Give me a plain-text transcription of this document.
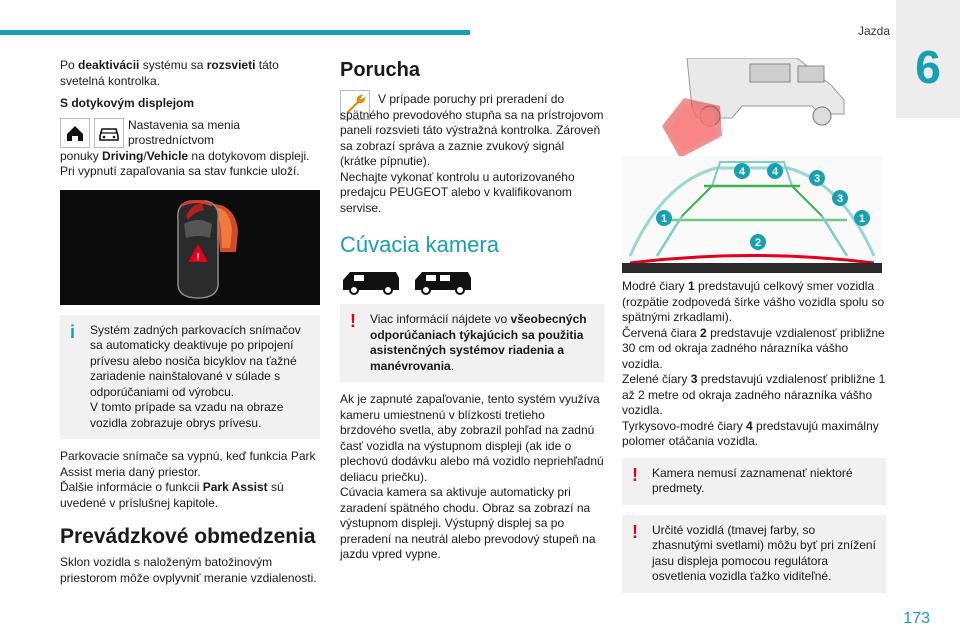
Jazda
6

Po deaktivácii systému sa rozsvieti táto svetelná kontrolka.

S dotykovým displejom

Nastavenia sa menia prostredníctvom

ponuky Driving/Vehicle na dotykovom displeji.

Pri vypnutí zapaľovania sa stav funkcie uloží.

!
i Systém zadných parkovacích snímačov sa automaticky deaktivuje po pripojení prívesu alebo nosiča bicyklov na ťažné zariadenie nainštalované v súlade s odporúčaniami od výrobcu.
V tomto prípade sa vzadu na obraze vozidla zobrazuje obrys prívesu.

Parkovacie snímače sa vypnú, keď funkcia Park Assist meria daný priestor.

Ďalšie informácie o funkcii Park Assist sú uvedené v príslušnej kapitole.

Prevádzkové obmedzenia

Sklon vozidla s naloženým batožinovým priestorom môže ovplyvniť meranie vzdialenosti.

Porucha

V prípade poruchy pri preradení do spätného prevodového stupňa sa na prístrojovom paneli rozsvieti táto výstražná kontrolka. Zároveň sa zobrazí správa a zaznie zvukový signál (krátke pípnutie).

Nechajte vykonať kontrolu u autorizovaného predajcu PEUGEOT alebo v kvalifikovanom servise.

Cúvacia kamera
! Viac informácií nájdete vo všeobecných odporúčaniach týkajúcich sa použitia asistenčných systémov riadenia a manévrovania.

Ak je zapnuté zapaľovanie, tento systém využíva kameru umiestnenú v blízkosti tretieho brzdového svetla, aby zobrazil pohľad na zadnú časť vozidla na výstupnom displeji (ak ide o plechovú dodávku alebo má vozidlo nepriehľadnú deliacu priečku).

Cúvacia kamera sa aktivuje automaticky pri zaradení spätného chodu. Obraz sa zobrazí na výstupnom displeji. Výstupný displej sa po preradení na neutrál alebo prevodový stupeň na jazdu vpred vypne.

4 4
3
3
1	1
2

Modré čiary 1 predstavujú celkový smer vozidla (rozpätie zodpovedá šírke vášho vozidla spolu so spätnými zrkadlami).

Červená čiara 2 predstavuje vzdialenosť približne 30 cm od okraja zadného nárazníka vášho vozidla.

Zelené čiary 3 predstavujú vzdialenosť približne 1 až 2 metre od okraja zadného nárazníka vášho vozidla.

Tyrkysovo-modré čiary 4 predstavujú maximálny polomer otáčania vozidla.

! Kamera nemusí zaznamenať niektoré predmety.

! Určité vozidlá (tmavej farby, so zhasnutými svetlami) môžu byť pri znížení jasu displeja pomocou regulátora osvetlenia vozidla ťažko viditeľné.

173
